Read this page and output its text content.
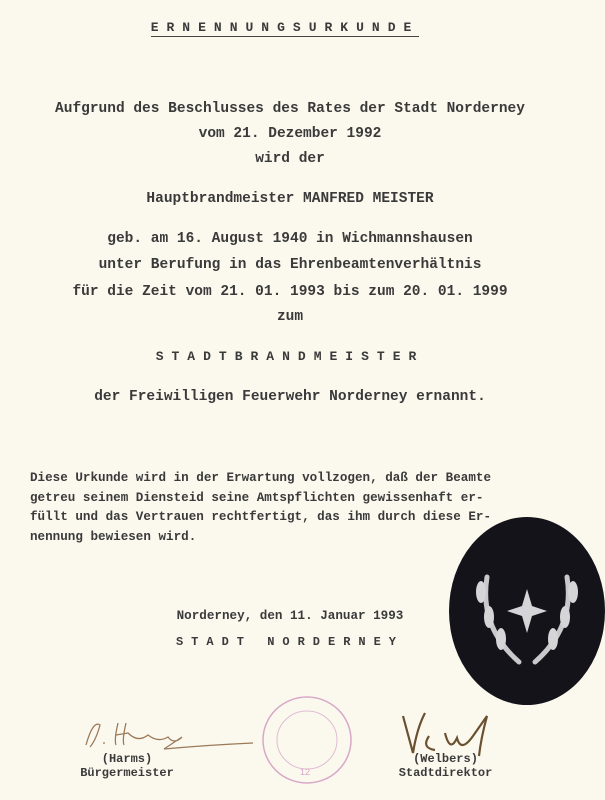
ERNENNUNGSURKUNDE
Aufgrund des Beschlusses des Rates der Stadt Norderney
vom 21. Dezember 1992
wird der
Hauptbrandmeister MANFRED MEISTER
geb. am 16. August 1940 in Wichmannshausen
unter Berufung in das Ehrenbeamtenverhältnis
für die Zeit vom 21. 01. 1993 bis zum 20. 01. 1999
zum
STADTBRANDMEISTER
der Freiwilligen Feuerwehr Norderney ernannt.
Diese Urkunde wird in der Erwartung vollzogen, daß der Beamte
getreu seinem Diensteid seine Amtspflichten gewissenhaft er-
füllt und das Vertrauen rechtfertigt, das ihm durch diese Er-
nennung bewiesen wird.
Norderney, den 11. Januar 1993
STADT NORDERNEY
12
(Harms)
Bürgermeister
(Welbers)
Stadtdirektor
